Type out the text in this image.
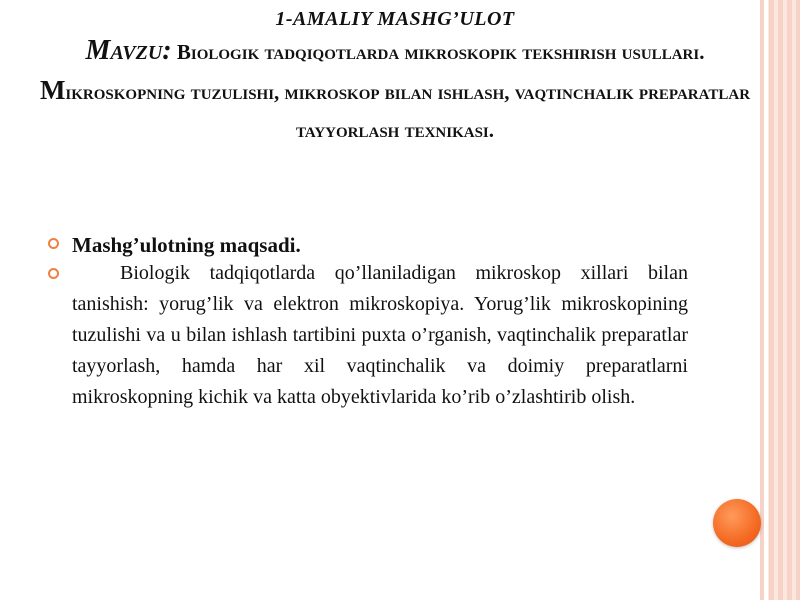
1-AMALIY MASHG’ULOT

Mavzu: Biologik tadqiqotlarda mikroskopik tekshirish usullari. Mikroskopning tuzulishi, mikroskop bilan ishlash, vaqtinchalik preparatlar tayyorlash texnikasi.

Mashg’ulotning maqsadi.
Biologik tadqiqotlarda qo’llaniladigan mikroskop xillari bilan tanishish: yorug’lik va elektron mikroskopiya. Yorug’lik mikroskopining tuzulishi va u bilan ishlash tartibini puxta o’rganish, vaqtinchalik preparatlar tayyorlash, hamda har xil vaqtinchalik va doimiy preparatlarni mikroskopning kichik va katta obyektivlarida ko’rib o’zlashtirib olish.
